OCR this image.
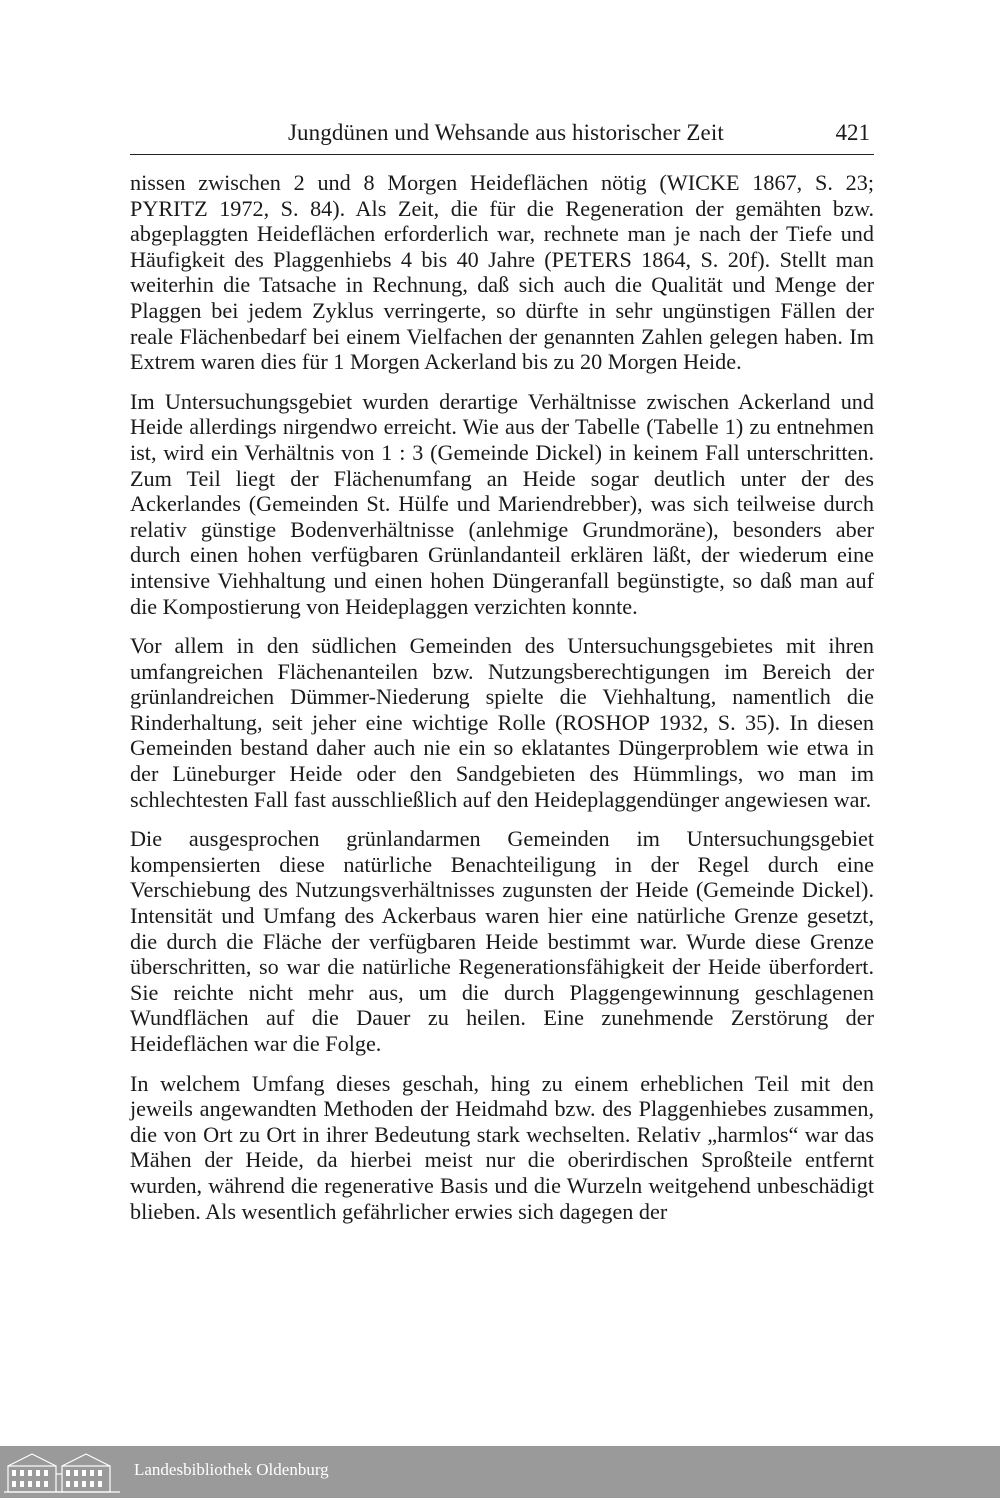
Jungdünen und Wehsande aus historischer Zeit	421

nissen zwischen 2 und 8 Morgen Heideflächen nötig (WICKE 1867, S. 23; PYRITZ 1972, S. 84). Als Zeit, die für die Regeneration der gemähten bzw. abgeplaggten Heideflächen erforderlich war, rechnete man je nach der Tiefe und Häufigkeit des Plaggenhiebs 4 bis 40 Jahre (PETERS 1864, S. 20f). Stellt man weiterhin die Tatsache in Rechnung, daß sich auch die Qualität und Menge der Plaggen bei jedem Zyklus verringerte, so dürfte in sehr ungünstigen Fällen der reale Flächenbedarf bei einem Vielfachen der genannten Zahlen gelegen haben. Im Extrem waren dies für 1 Morgen Ackerland bis zu 20 Morgen Heide.

Im Untersuchungsgebiet wurden derartige Verhältnisse zwischen Ackerland und Heide allerdings nirgendwo erreicht. Wie aus der Tabelle (Tabelle 1) zu entnehmen ist, wird ein Verhältnis von 1 : 3 (Gemeinde Dickel) in keinem Fall unterschritten. Zum Teil liegt der Flächenumfang an Heide sogar deutlich unter der des Ackerlandes (Gemeinden St. Hülfe und Mariendrebber), was sich teilweise durch relativ günstige Bodenverhältnisse (anlehmige Grundmoräne), besonders aber durch einen hohen verfügbaren Grünlandanteil erklären läßt, der wiederum eine intensive Viehhaltung und einen hohen Düngeranfall begünstigte, so daß man auf die Kompostierung von Heideplaggen verzichten konnte.

Vor allem in den südlichen Gemeinden des Untersuchungsgebietes mit ihren umfangreichen Flächenanteilen bzw. Nutzungsberechtigungen im Bereich der grünlandreichen Dümmer-Niederung spielte die Viehhaltung, namentlich die Rinderhaltung, seit jeher eine wichtige Rolle (ROSHOP 1932, S. 35). In diesen Gemeinden bestand daher auch nie ein so eklatantes Düngerproblem wie etwa in der Lüneburger Heide oder den Sandgebieten des Hümmlings, wo man im schlechtesten Fall fast ausschließlich auf den Heideplaggendünger angewiesen war.

Die ausgesprochen grünlandarmen Gemeinden im Untersuchungsgebiet kompensierten diese natürliche Benachteiligung in der Regel durch eine Verschiebung des Nutzungsverhältnisses zugunsten der Heide (Gemeinde Dickel). Intensität und Umfang des Ackerbaus waren hier eine natürliche Grenze gesetzt, die durch die Fläche der verfügbaren Heide bestimmt war. Wurde diese Grenze überschritten, so war die natürliche Regenerationsfähigkeit der Heide überfordert. Sie reichte nicht mehr aus, um die durch Plaggengewinnung geschlagenen Wundflächen auf die Dauer zu heilen. Eine zunehmende Zerstörung der Heideflächen war die Folge.

In welchem Umfang dieses geschah, hing zu einem erheblichen Teil mit den jeweils angewandten Methoden der Heidmahd bzw. des Plaggenhiebes zusammen, die von Ort zu Ort in ihrer Bedeutung stark wechselten. Relativ „harmlos“ war das Mähen der Heide, da hierbei meist nur die oberirdischen Sproßteile entfernt wurden, während die regenerative Basis und die Wurzeln weitgehend unbeschädigt blieben. Als wesentlich gefährlicher erwies sich dagegen der

Landesbibliothek Oldenburg
